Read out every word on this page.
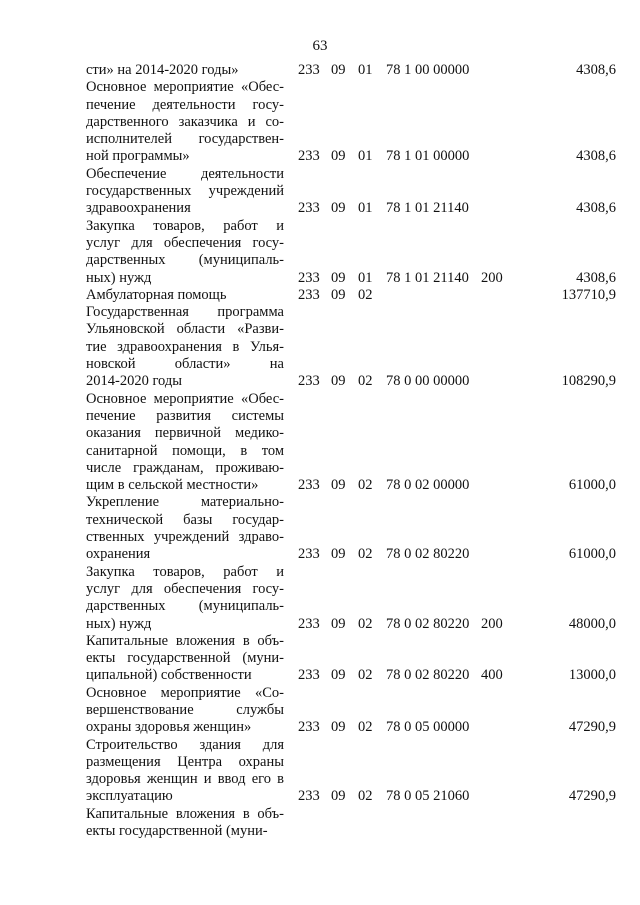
63
сти» на 2014-2020 годы»	233 09 01 78 1 00 00000	4308,6
Основное мероприятие «Обес-
печение деятельности госу-
дарственного заказчика и со-
исполнителей государствен-
ной программы»	233 09 01 78 1 01 00000	4308,6
Обеспечение деятельности
государственных учреждений
здравоохранения	233 09 01 78 1 01 21140	4308,6
Закупка товаров, работ и
услуг для обеспечения госу-
дарственных (муниципаль-
ных) нужд	233 09 01 78 1 01 21140 200	4308,6
Амбулаторная помощь	233 09 02	137710,9
Государственная программа
Ульяновской области «Разви-
тие здравоохранения в Улья-
новской области» на
2014-2020 годы	233 09 02 78 0 00 00000	108290,9
Основное мероприятие «Обес-
печение развития системы
оказания первичной медико-
санитарной помощи, в том
числе гражданам, проживаю-
щим в сельской местности»	233 09 02 78 0 02 00000	61000,0
Укрепление материально-
технической базы государ-
ственных учреждений здраво-
охранения	233 09 02 78 0 02 80220	61000,0
Закупка товаров, работ и
услуг для обеспечения госу-
дарственных (муниципаль-
ных) нужд	233 09 02 78 0 02 80220 200	48000,0
Капитальные вложения в объ-
екты государственной (муни-
ципальной) собственности	233 09 02 78 0 02 80220 400	13000,0
Основное мероприятие «Со-
вершенствование службы
охраны здоровья женщин»	233 09 02 78 0 05 00000	47290,9
Строительство здания для
размещения Центра охраны
здоровья женщин и ввод его в
эксплуатацию	233 09 02 78 0 05 21060	47290,9
Капитальные вложения в объ-
екты государственной (муни-
